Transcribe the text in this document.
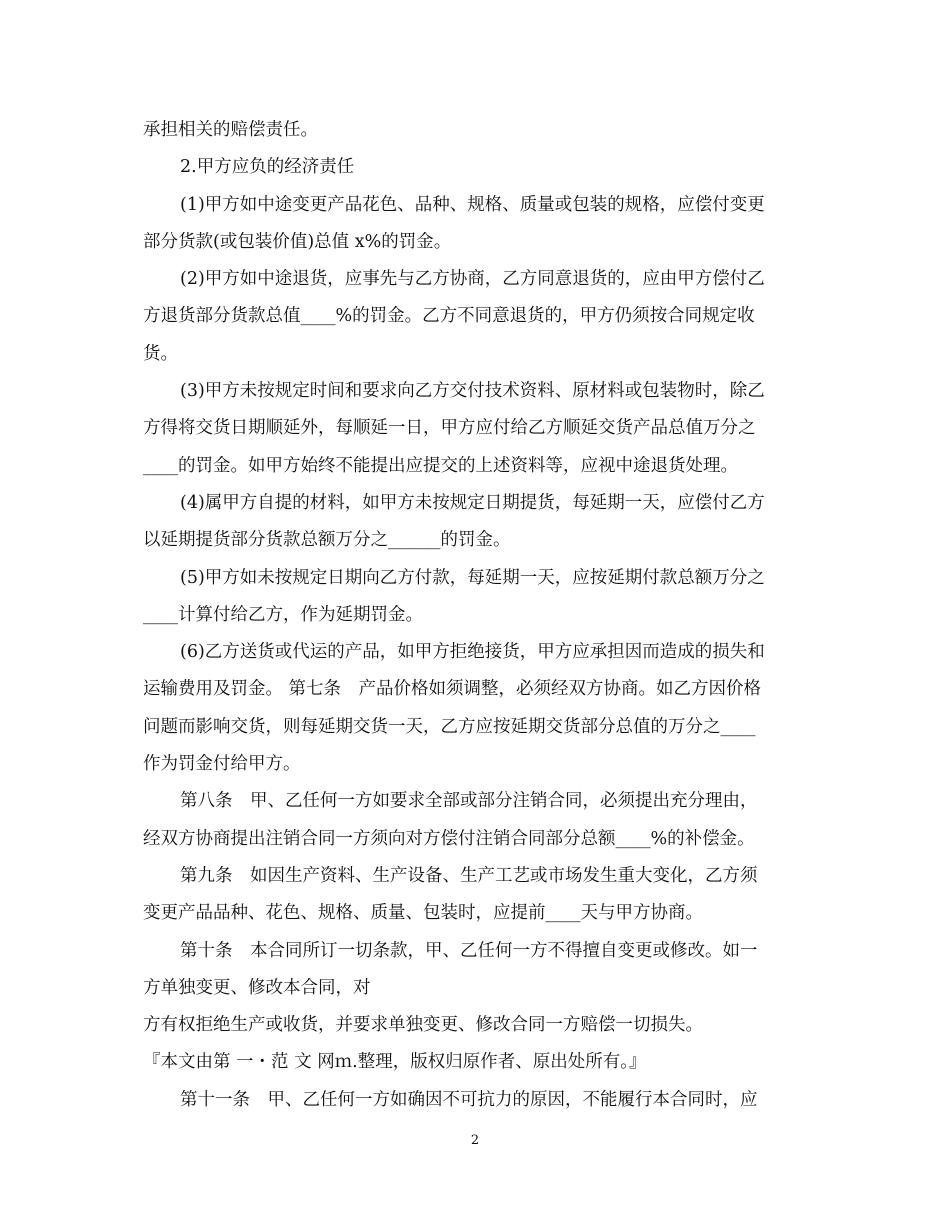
承担相关的赔偿责任。
2.甲方应负的经济责任
(1)甲方如中途变更产品花色、品种、规格、质量或包装的规格，应偿付变更
部分货款(或包装价值)总值 x%的罚金。
(2)甲方如中途退货，应事先与乙方协商，乙方同意退货的，应由甲方偿付乙
方退货部分货款总值____%的罚金。乙方不同意退货的，甲方仍须按合同规定收
货。
(3)甲方未按规定时间和要求向乙方交付技术资料、原材料或包装物时，除乙
方得将交货日期顺延外，每顺延一日，甲方应付给乙方顺延交货产品总值万分之
____的罚金。如甲方始终不能提出应提交的上述资料等，应视中途退货处理。
(4)属甲方自提的材料，如甲方未按规定日期提货，每延期一天，应偿付乙方
以延期提货部分货款总额万分之______的罚金。
(5)甲方如未按规定日期向乙方付款，每延期一天，应按延期付款总额万分之
____计算付给乙方，作为延期罚金。
(6)乙方送货或代运的产品，如甲方拒绝接货，甲方应承担因而造成的损失和
运输费用及罚金。 第七条　产品价格如须调整，必须经双方协商。如乙方因价格
问题而影响交货，则每延期交货一天，乙方应按延期交货部分总值的万分之____
作为罚金付给甲方。
第八条　甲、乙任何一方如要求全部或部分注销合同，必须提出充分理由，
经双方协商提出注销合同一方须向对方偿付注销合同部分总额____%的补偿金。
第九条　如因生产资料、生产设备、生产工艺或市场发生重大变化，乙方须
变更产品品种、花色、规格、质量、包装时，应提前____天与甲方协商。
第十条　本合同所订一切条款，甲、乙任何一方不得擅自变更或修改。如一
方单独变更、修改本合同，对
方有权拒绝生产或收货，并要求单独变更、修改合同一方赔偿一切损失。
『本文由第 一・范 文 网ｍ.整理，版权归原作者、原出处所有。』
第十一条　甲、乙任何一方如确因不可抗力的原因，不能履行本合同时，应
2
